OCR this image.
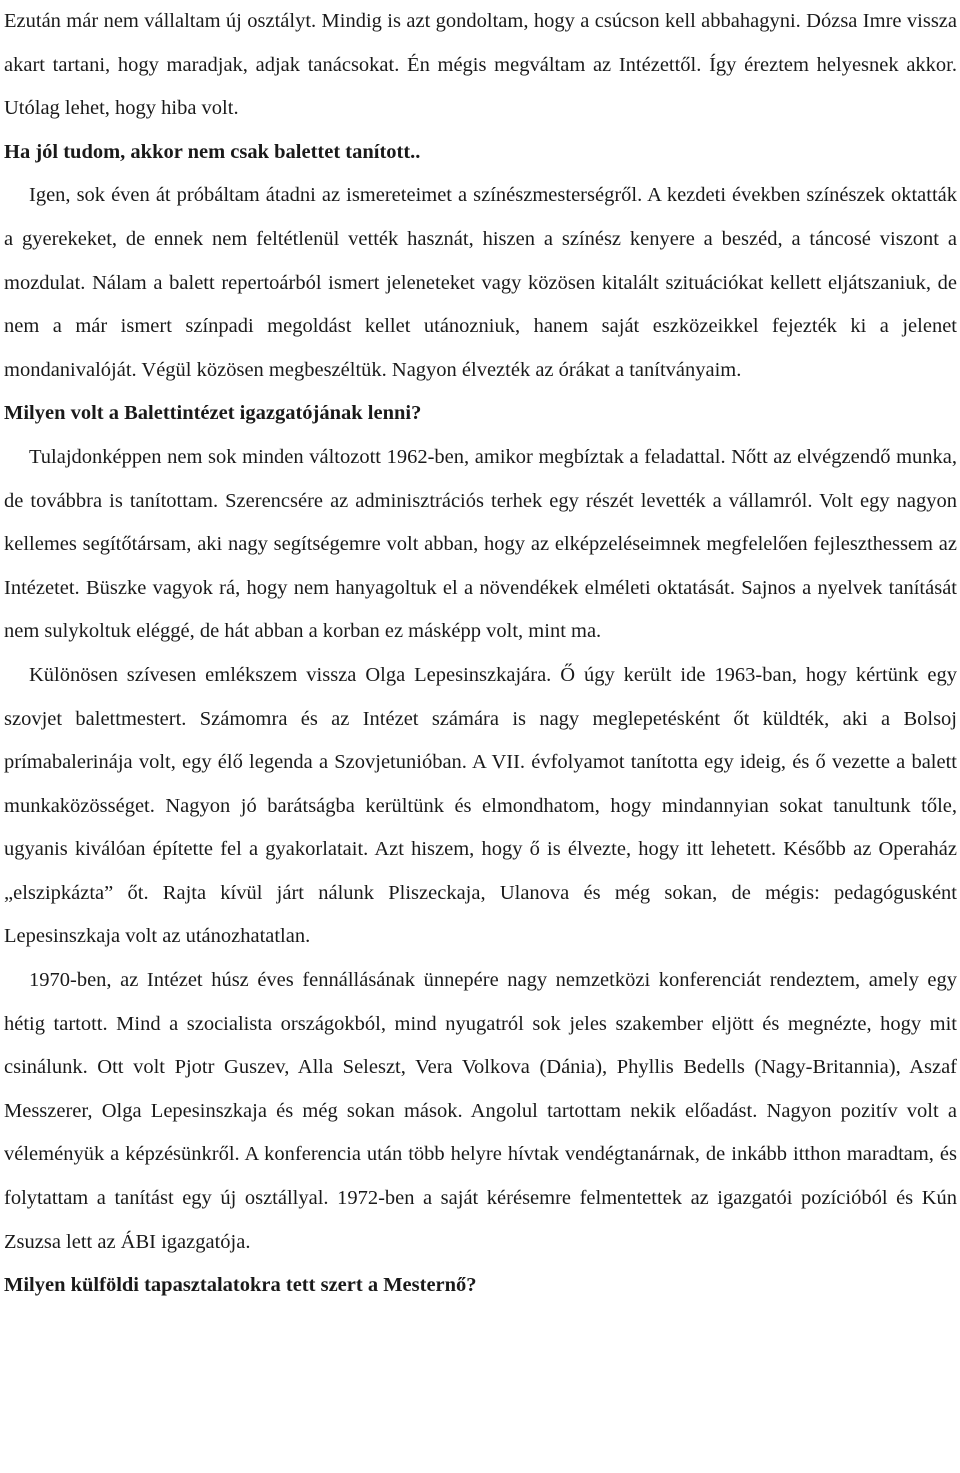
Ezután már nem vállaltam új osztályt. Mindig is azt gondoltam, hogy a csúcson kell abbahagyni. Dózsa Imre vissza akart tartani, hogy maradjak, adjak tanácsokat. Én mégis megváltam az Intézettől. Így éreztem helyesnek akkor. Utólag lehet, hogy hiba volt.

Ha jól tudom, akkor nem csak balettet tanított..

Igen, sok éven át próbáltam átadni az ismereteimet a színészmesterségről. A kezdeti években színészek oktatták a gyerekeket, de ennek nem feltétlenül vették hasznát, hiszen a színész kenyere a beszéd, a táncosé viszont a mozdulat. Nálam a balett repertoárból ismert jeleneteket vagy közösen kitalált szituációkat kellett eljátszaniuk, de nem a már ismert színpadi megoldást kellet utánozniuk, hanem saját eszközeikkel fejezték ki a jelenet mondanivalóját. Végül közösen megbeszéltük. Nagyon élvezték az órákat a tanítványaim.

Milyen volt a Balettintézet igazgatójának lenni?

Tulajdonképpen nem sok minden változott 1962-ben, amikor megbíztak a feladattal. Nőtt az elvégzendő munka, de továbbra is tanítottam. Szerencsére az adminisztrációs terhek egy részét levették a vállamról. Volt egy nagyon kellemes segítőtársam, aki nagy segítségemre volt abban, hogy az elképzeléseimnek megfelelően fejleszthessem az Intézetet. Büszke vagyok rá, hogy nem hanyagoltuk el a növendékek elméleti oktatását. Sajnos a nyelvek tanítását nem sulykoltuk eléggé, de hát abban a korban ez másképp volt, mint ma.

Különösen szívesen emlékszem vissza Olga Lepesinszkajára. Ő úgy került ide 1963-ban, hogy kértünk egy szovjet balettmestert. Számomra és az Intézet számára is nagy meglepetésként őt küldték, aki a Bolsoj prímabalerinája volt, egy élő legenda a Szovjetunióban. A VII. évfolyamot tanította egy ideig, és ő vezette a balett munkaközösséget. Nagyon jó barátságba kerültünk és elmondhatom, hogy mindannyian sokat tanultunk tőle, ugyanis kiválóan építette fel a gyakorlatait. Azt hiszem, hogy ő is élvezte, hogy itt lehetett. Később az Operaház „elszipkázta” őt. Rajta kívül járt nálunk Pliszeckaja, Ulanova és még sokan, de mégis: pedagógusként Lepesinszkaja volt az utánozhatatlan.

1970-ben, az Intézet húsz éves fennállásának ünnepére nagy nemzetközi konferenciát rendeztem, amely egy hétig tartott. Mind a szocialista országokból, mind nyugatról sok jeles szakember eljött és megnézte, hogy mit csinálunk. Ott volt Pjotr Guszev, Alla Seleszt, Vera Volkova (Dánia), Phyllis Bedells (Nagy-Britannia), Aszaf Messzerer, Olga Lepesinszkaja és még sokan mások. Angolul tartottam nekik előadást. Nagyon pozitív volt a véleményük a képzésünkről. A konferencia után több helyre hívtak vendégtanárnak, de inkább itthon maradtam, és folytattam a tanítást egy új osztállyal. 1972-ben a saját kérésemre felmentettek az igazgatói pozícióból és Kún Zsuzsa lett az ÁBI igazgatója.

Milyen külföldi tapasztalatokra tett szert a Mesternő?
